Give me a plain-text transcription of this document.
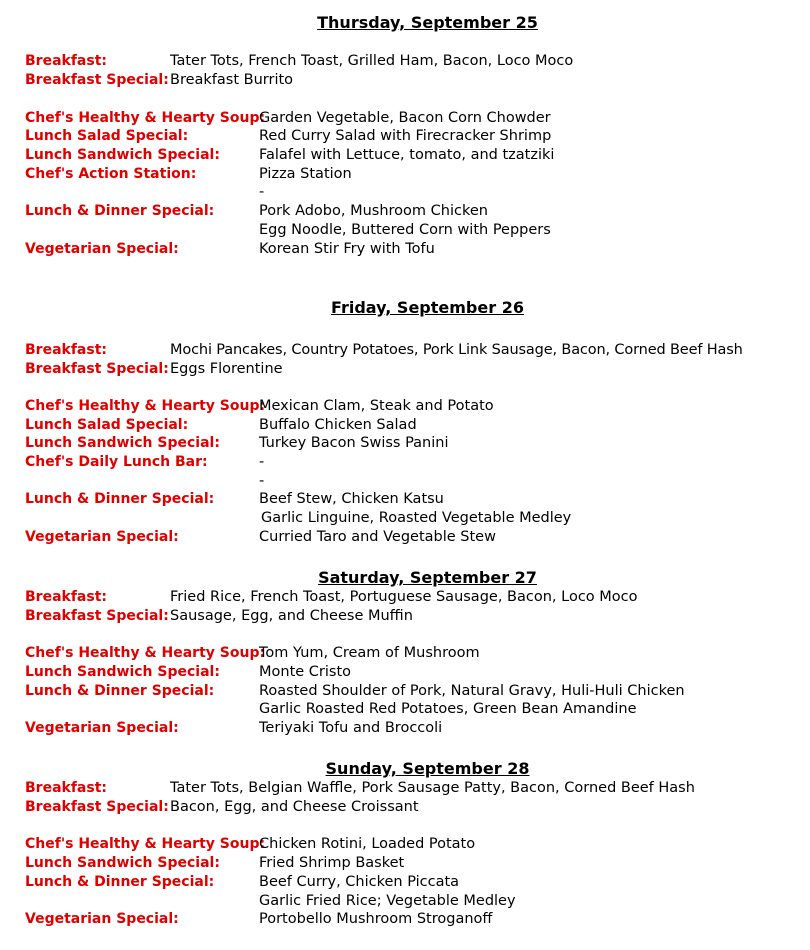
Thursday, September 25
Breakfast:	Tater Tots, French Toast, Grilled Ham, Bacon, Loco Moco
Breakfast Special: Breakfast Burrito
Chef's Healthy & Hearty Soup:
Garden Vegetable, Bacon Corn Chowder
Lunch Salad Special:	Red Curry Salad with Firecracker Shrimp
Lunch Sandwich Special:	Falafel with Lettuce, tomato, and tzatziki
Chef's Action Station:	Pizza Station
-
Lunch & Dinner Special:	Pork Adobo, Mushroom Chicken
Egg Noodle, Buttered Corn with Peppers
Vegetarian Special:	Korean Stir Fry with Tofu
Friday, September 26
Breakfast:	Mochi Pancakes, Country Potatoes, Pork Link Sausage, Bacon, Corned Beef Hash
Breakfast Special: Eggs Florentine
Chef's Healthy & Hearty Soup:
Mexican Clam, Steak and Potato
Lunch Salad Special:	Buffalo Chicken Salad
Lunch Sandwich Special:	Turkey Bacon Swiss Panini
Chef's Daily Lunch Bar:	-
-
Lunch & Dinner Special:	Beef Stew, Chicken Katsu
Garlic Linguine, Roasted Vegetable Medley
Vegetarian Special:	Curried Taro and Vegetable Stew
Saturday, September 27
Breakfast:	Fried Rice, French Toast, Portuguese Sausage, Bacon, Loco Moco
Breakfast Special: Sausage, Egg, and Cheese Muffin
Chef's Healthy & Hearty Soup:
Tom Yum, Cream of Mushroom
Lunch Sandwich Special:	Monte Cristo
Lunch & Dinner Special:	Roasted Shoulder of Pork, Natural Gravy, Huli-Huli Chicken
Garlic Roasted Red Potatoes, Green Bean Amandine
Vegetarian Special:	Teriyaki Tofu and Broccoli
Sunday, September 28
Breakfast:	Tater Tots, Belgian Waffle, Pork Sausage Patty, Bacon, Corned Beef Hash
Breakfast Special: Bacon, Egg, and Cheese Croissant
Chef's Healthy & Hearty Soup:
Chicken Rotini, Loaded Potato
Lunch Sandwich Special:	Fried Shrimp Basket
Lunch & Dinner Special:	Beef Curry, Chicken Piccata
Garlic Fried Rice; Vegetable Medley
Vegetarian Special:	Portobello Mushroom Stroganoff
